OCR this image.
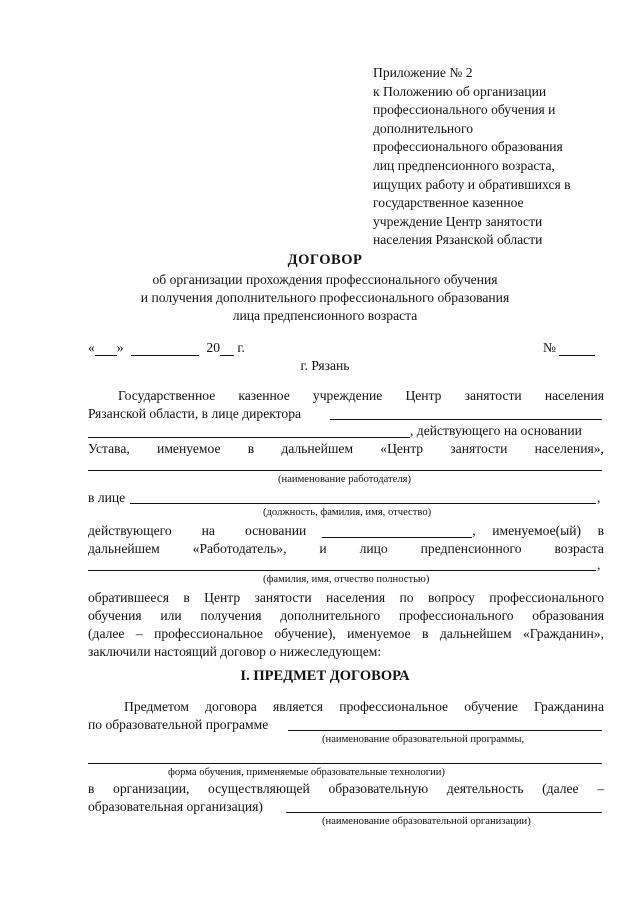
Приложение № 2
к Положению об организации
профессионального обучения и
дополнительного
профессионального образования
лиц предпенсионного возраста,
ищущих работу и обратившихся в
государственное казенное
учреждение Центр занятости
населения Рязанской области
ДОГОВОР
об организации прохождения профессионального обучения
и получения дополнительного профессионального образования
лица предпенсионного возраста
« »	20 г.	№
г. Рязань
Государственное казенное учреждение Центр занятости населения
Рязанской области, в лице директора
, действующего на основании
Устава, именуемое в дальнейшем «Центр занятости населения»,
(наименование работодателя)
в лице	,
(должность, фамилия, имя, отчество)
действующего на основании	, именуемое(ый) в
дальнейшем «Работодатель», и лицо предпенсионного возраста
,
(фамилия, имя, отчество полностью)
обратившееся в Центр занятости населения по вопросу профессионального
обучения или получения дополнительного профессионального образования
(далее – профессиональное обучение), именуемое в дальнейшем «Гражданин»,
заключили настоящий договор о нижеследующем:
I. ПРЕДМЕТ ДОГОВОРА
Предметом договора является профессиональное обучение Гражданина
по образовательной программе
(наименование образовательной программы,
форма обучения, применяемые образовательные технологии)
в организации, осуществляющей образовательную деятельность (далее –
образовательная организация)
(наименование образовательной организации)
